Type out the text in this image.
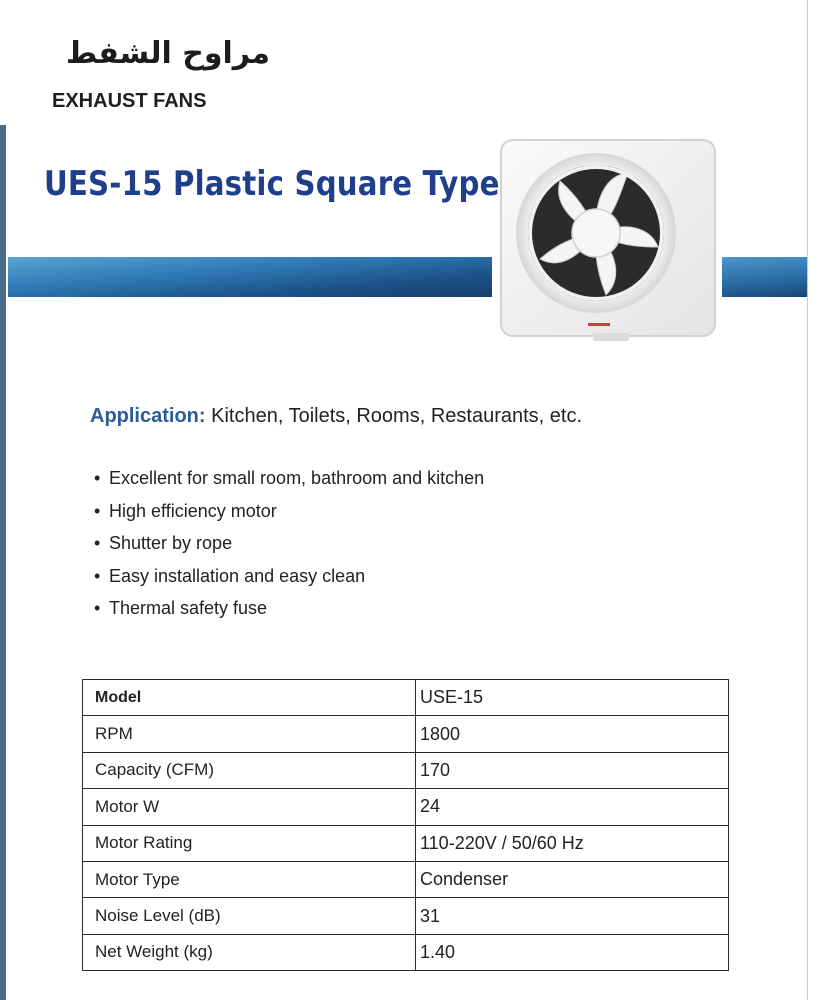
مراوح الشفط
EXHAUST FANS
UES-15 Plastic Square Type
Application: Kitchen, Toilets, Rooms, Restaurants, etc.
• Excellent for small room, bathroom and kitchen
• High efficiency motor
• Shutter by rope
• Easy installation and easy clean
• Thermal safety fuse
Model	USE-15
RPM	1800
Capacity (CFM)	170
Motor W	24
Motor Rating	110-220V / 50/60 Hz
Motor Type	Condenser
Noise Level (dB)	31
Net Weight (kg)	1.40
